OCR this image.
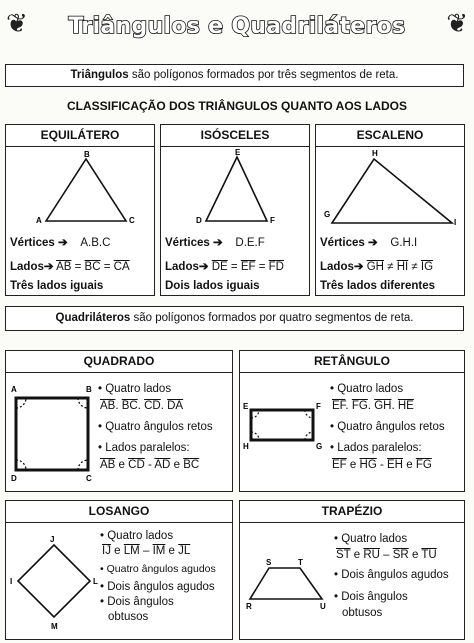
❦	❦
Triângulos e Quadriláteros
Triângulos são polígonos formados por três segmentos de reta.
CLASSIFICAÇÃO DOS TRIÂNGULOS QUANTO AOS LADOS
EQUILÁTERO
A
B
C
Vértices ➔ A.B.C
Lados➔ $\overline{AB} = \overline{BC} = \overline{CA}$
Três lados iguais
ISÓSCELES
D
E
F
Vértices ➔ D.E.F
Lados➔ $\overline{DE} = \overline{EF} = \overline{FD}$
Dois lados iguais
ESCALENO
G
H
I
Vértices ➔ G.H.I
Lados➔ $\overline{GH} \ne \overline{HI} \ne \overline{IG}$
Três lados diferentes
Quadriláteros são polígonos formados por quatro segmentos de reta.
QUADRADO
A	B
C
D
• Quatro lados
$\overline{AB}$. $\overline{BC}$. $\overline{CD}$. $\overline{DA}$
• Quatro ângulos retos
• Lados paralelos:
$\overline{AB}$ e $\overline{CD} - \overline{AD}$ e $\overline{BC}$
RETÂNGULO
E	F
G
H
• Quatro lados
$\overline{EF}$. $\overline{FG}$. $\overline{GH}$. $\overline{HE}$
• Quatro ângulos retos
• Lados paralelos:
$\overline{EF}$ e $\overline{HG} - \overline{EH}$ e $\overline{FG}$
LOSANGO
J
L
M
I
• Quatro lados
$\overline{IJ}$ e $\overline{LM} - \overline{IM}$ e $\overline{JL}$
• Quatro ângulos agudos
• Dois ângulos agudos
• Dois ângulos
obtusos
TRAPÉZIO
S	T
U
R
• Quatro lados
$\overline{ST}$ e $\overline{RU} - \overline{SR}$ e $\overline{TU}$
• Dois ângulos agudos
• Dois ângulos
obtusos
